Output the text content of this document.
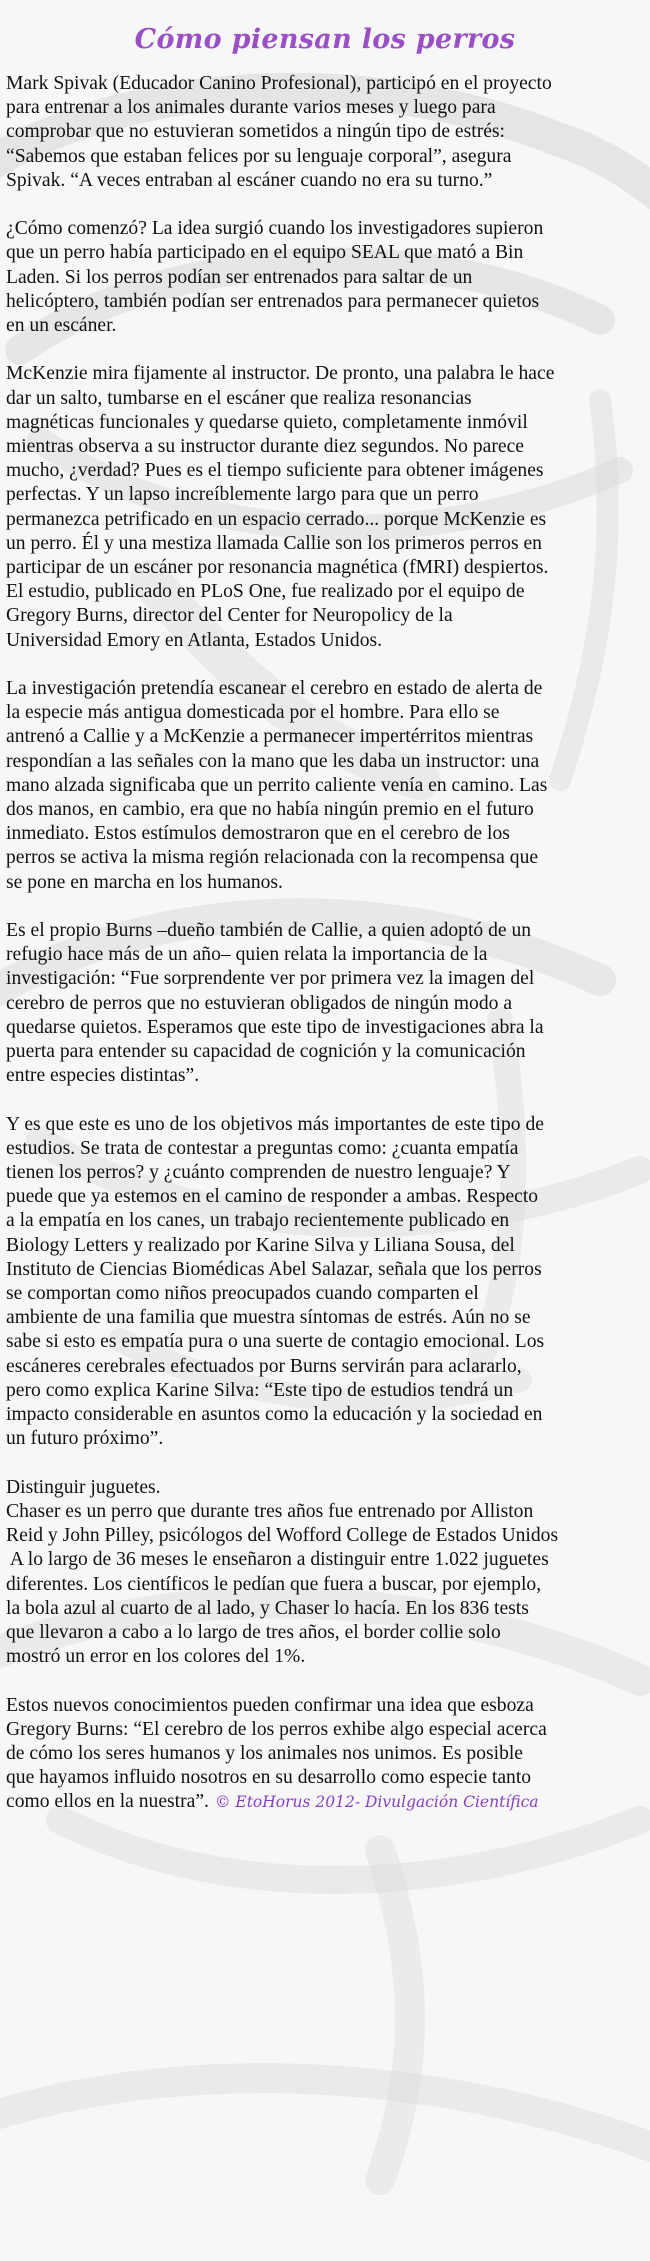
Cómo piensan los perros
Mark Spivak (Educador Canino Profesional), participó en el proyecto
para entrenar a los animales durante varios meses y luego para
comprobar que no estuvieran sometidos a ningún tipo de estrés:
“Sabemos que estaban felices por su lenguaje corporal”, asegura
Spivak. “A veces entraban al escáner cuando no era su turno.”
¿Cómo comenzó? La idea surgió cuando los investigadores supieron
que un perro había participado en el equipo SEAL que mató a Bin
Laden. Si los perros podían ser entrenados para saltar de un
helicóptero, también podían ser entrenados para permanecer quietos
en un escáner.
McKenzie mira fijamente al instructor. De pronto, una palabra le hace
dar un salto, tumbarse en el escáner que realiza resonancias
magnéticas funcionales y quedarse quieto, completamente inmóvil
mientras observa a su instructor durante diez segundos. No parece
mucho, ¿verdad? Pues es el tiempo suficiente para obtener imágenes
perfectas. Y un lapso increíblemente largo para que un perro
permanezca petrificado en un espacio cerrado... porque McKenzie es
un perro. Él y una mestiza llamada Callie son los primeros perros en
participar de un escáner por resonancia magnética (fMRI) despiertos.
El estudio, publicado en PLoS One, fue realizado por el equipo de
Gregory Burns, director del Center for Neuropolicy de la
Universidad Emory en Atlanta, Estados Unidos.
La investigación pretendía escanear el cerebro en estado de alerta de
la especie más antigua domesticada por el hombre. Para ello se
antrenó a Callie y a McKenzie a permanecer impertérritos mientras
respondían a las señales con la mano que les daba un instructor: una
mano alzada significaba que un perrito caliente venía en camino. Las
dos manos, en cambio, era que no había ningún premio en el futuro
inmediato. Estos estímulos demostraron que en el cerebro de los
perros se activa la misma región relacionada con la recompensa que
se pone en marcha en los humanos.
Es el propio Burns –dueño también de Callie, a quien adoptó de un
refugio hace más de un año– quien relata la importancia de la
investigación: “Fue sorprendente ver por primera vez la imagen del
cerebro de perros que no estuvieran obligados de ningún modo a
quedarse quietos. Esperamos que este tipo de investigaciones abra la
puerta para entender su capacidad de cognición y la comunicación
entre especies distintas”.
Y es que este es uno de los objetivos más importantes de este tipo de
estudios. Se trata de contestar a preguntas como: ¿cuanta empatía
tienen los perros? y ¿cuánto comprenden de nuestro lenguaje? Y
puede que ya estemos en el camino de responder a ambas. Respecto
a la empatía en los canes, un trabajo recientemente publicado en
Biology Letters y realizado por Karine Silva y Liliana Sousa, del
Instituto de Ciencias Biomédicas Abel Salazar, señala que los perros
se comportan como niños preocupados cuando comparten el
ambiente de una familia que muestra síntomas de estrés. Aún no se
sabe si esto es empatía pura o una suerte de contagio emocional. Los
escáneres cerebrales efectuados por Burns servirán para aclararlo,
pero como explica Karine Silva: “Este tipo de estudios tendrá un
impacto considerable en asuntos como la educación y la sociedad en
un futuro próximo”.
Distinguir juguetes.
Chaser es un perro que durante tres años fue entrenado por Alliston
Reid y John Pilley, psicólogos del Wofford College de Estados Unidos
A lo largo de 36 meses le enseñaron a distinguir entre 1.022 juguetes
diferentes. Los científicos le pedían que fuera a buscar, por ejemplo,
la bola azul al cuarto de al lado, y Chaser lo hacía. En los 836 tests
que llevaron a cabo a lo largo de tres años, el border collie solo
mostró un error en los colores del 1%.
Estos nuevos conocimientos pueden confirmar una idea que esboza
Gregory Burns: “El cerebro de los perros exhibe algo especial acerca
de cómo los seres humanos y los animales nos unimos. Es posible
que hayamos influido nosotros en su desarrollo como especie tanto
como ellos en la nuestra”. © EtoHorus 2012- Divulgación Científica
